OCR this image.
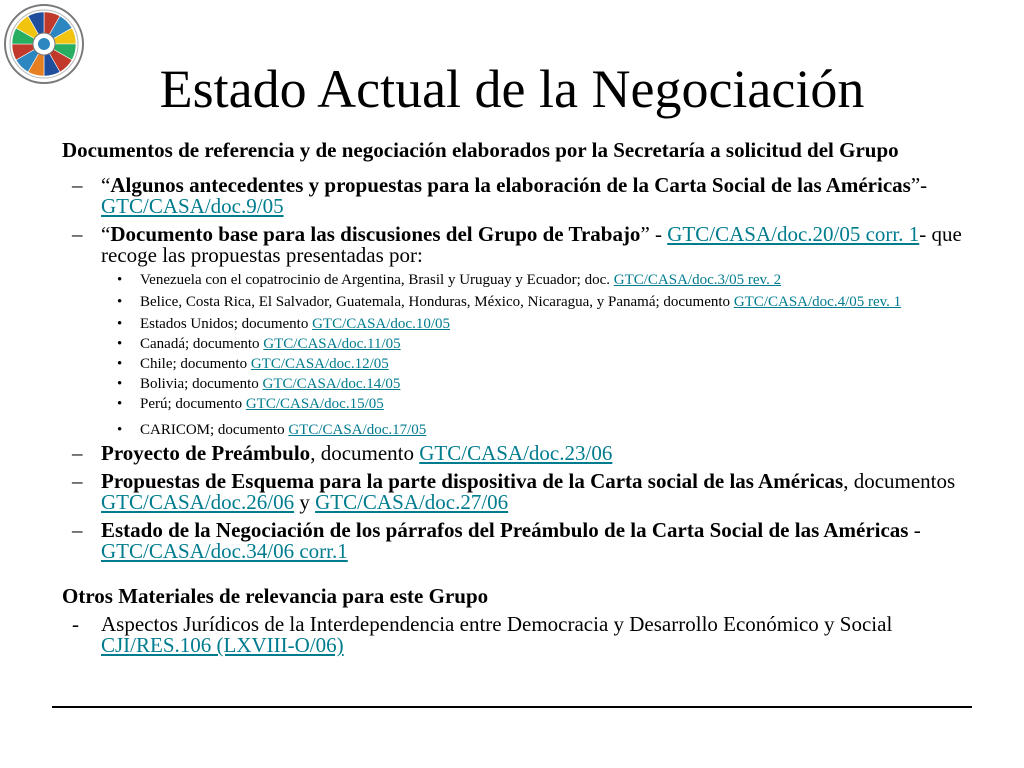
Estado Actual de la Negociación
Documentos de referencia y de negociación elaborados por la Secretaría a solicitud del Grupo
– “Algunos antecedentes y propuestas para la elaboración de la Carta Social de las Américas”- GTC/CASA/doc.9/05
– “Documento base para las discusiones del Grupo de Trabajo” - GTC/CASA/doc.20/05 corr. 1- que recoge las propuestas presentadas por:
• Venezuela con el copatrocinio de Argentina, Brasil y Uruguay y Ecuador; doc. GTC/CASA/doc.3/05 rev. 2
• Belice, Costa Rica, El Salvador, Guatemala, Honduras, México, Nicaragua, y Panamá; documento GTC/CASA/doc.4/05 rev. 1
• Estados Unidos; documento GTC/CASA/doc.10/05
• Canadá; documento GTC/CASA/doc.11/05
• Chile; documento GTC/CASA/doc.12/05
• Bolivia; documento GTC/CASA/doc.14/05
• Perú; documento GTC/CASA/doc.15/05
• CARICOM; documento GTC/CASA/doc.17/05
– Proyecto de Preámbulo, documento GTC/CASA/doc.23/06
– Propuestas de Esquema para la parte dispositiva de la Carta social de las Américas, documentos GTC/CASA/doc.26/06 y GTC/CASA/doc.27/06
– Estado de la Negociación de los párrafos del Preámbulo de la Carta Social de las Américas - GTC/CASA/doc.34/06 corr.1
Otros Materiales de relevancia para este Grupo
- Aspectos Jurídicos de la Interdependencia entre Democracia y Desarrollo Económico y Social CJI/RES.106 (LXVIII-O/06)
